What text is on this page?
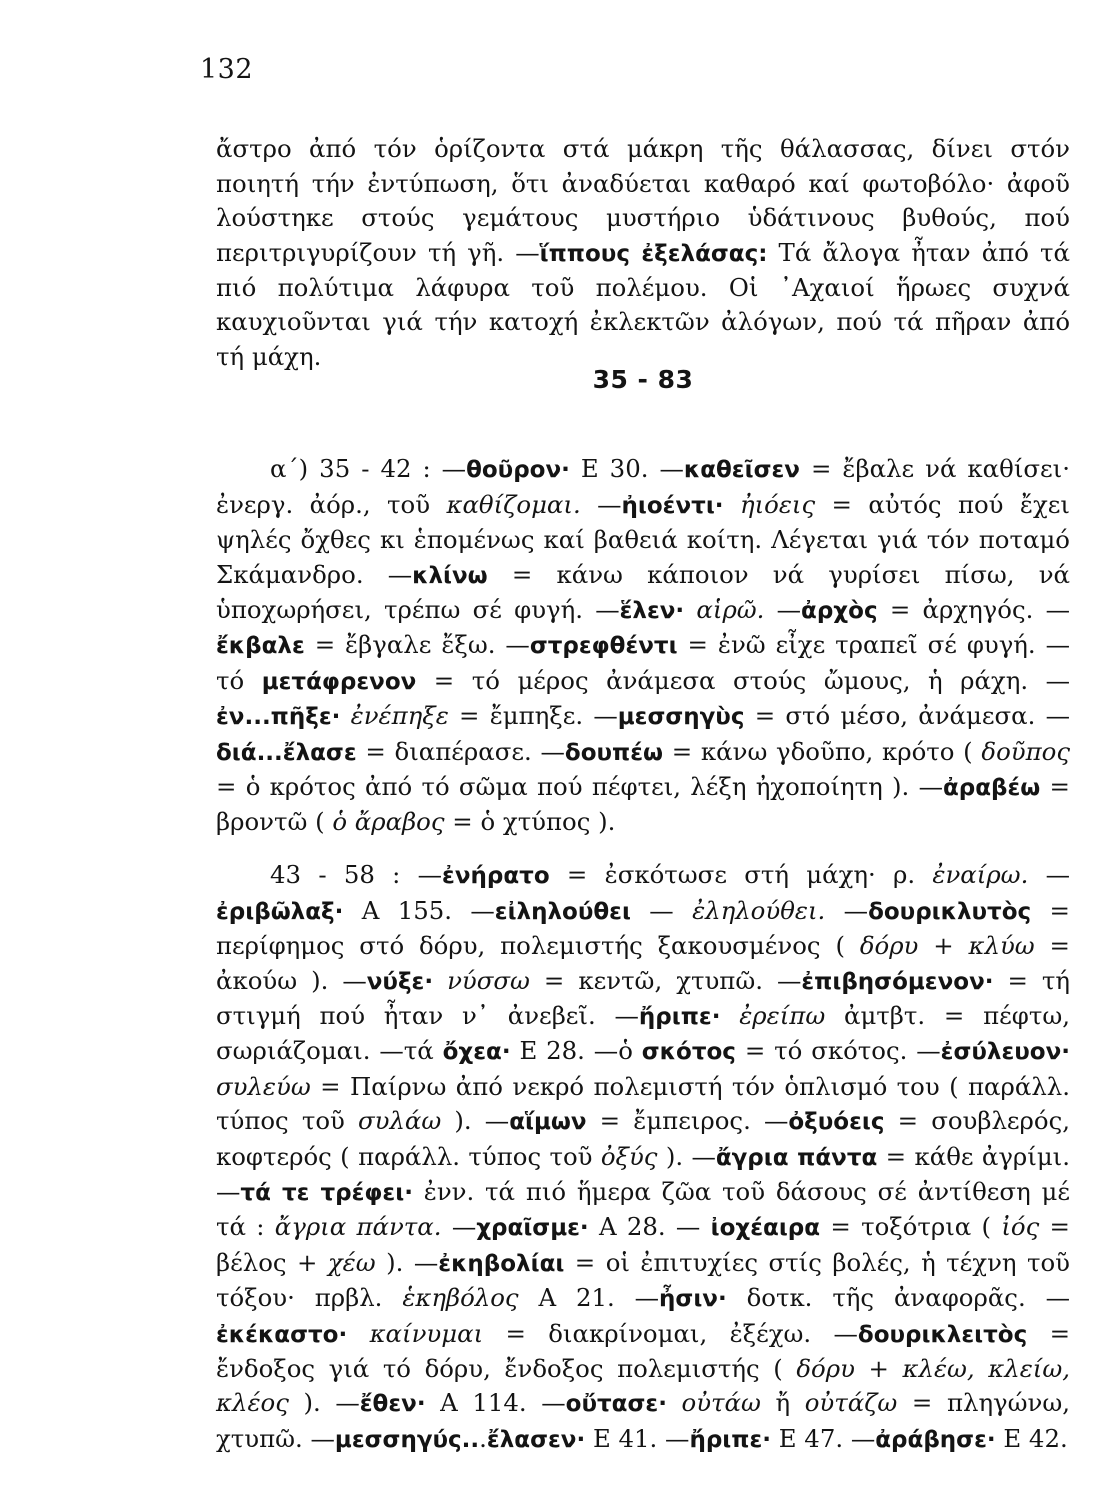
132

ἄστρο ἀπό τόν ὁρίζοντα στά μάκρη τῆς θάλασσας, δίνει στόν ποιητή τήν ἐντύπωση, ὅτι ἀναδύεται καθαρό καί φωτοβόλο· ἀφοῦ λούστηκε στούς γεμάτους μυστήριο ὑδάτινους βυθούς, πού περιτριγυρίζουν τή γῆ. —ἵππους ἐξελάσας: Τά ἄλογα ἦταν ἀπό τά πιό πολύτιμα λάφυρα τοῦ πολέμου. Οἱ ᾿Αχαιοί ἥρωες συχνά καυχιοῦνται γιά τήν κατοχή ἐκλεκτῶν ἀλόγων, πού τά πῆραν ἀπό τή μάχη.

35 - 83

α΄) 35 - 42 : —θοῦρον· Ε 30. —καθεῖσεν = ἔβαλε νά καθίσει· ἐνεργ. ἀόρ., τοῦ καθίζομαι. —ἠιοέντι· ἠιόεις = αὐτός πού ἔχει ψηλές ὄχθες κι ἑπομένως καί βαθειά κοίτη. Λέγεται γιά τόν ποταμό Σκάμανδρο. —κλίνω = κάνω κάποιον νά γυρίσει πίσω, νά ὑποχωρήσει, τρέπω σέ φυγή. —ἕλεν· αἱρῶ. —ἀρχὸς = ἀρχηγός. —ἔκβαλε = ἔβγαλε ἔξω. —στρεφθέντι = ἐνῶ εἶχε τραπεῖ σέ φυγή. —τό μετάφρενον = τό μέρος ἀνάμεσα στούς ὤμους, ἡ ράχη. —ἐν...πῆξε· ἐνέπηξε = ἔμπηξε. —μεσσηγὺς = στό μέσο, ἀνάμεσα. —διά...ἔλασε = διαπέρασε. —δουπέω = κάνω γδοῦπο, κρότο ( δοῦπος = ὁ κρότος ἀπό τό σῶμα πού πέφτει, λέξη ἠχοποίητη ). —ἀραβέω = βροντῶ ( ὁ ἄραβος = ὁ χτύπος ).

43 - 58 : —ἐνήρατο = ἐσκότωσε στή μάχη· ρ. ἐναίρω. —ἐριβῶλαξ· Α 155. —εἰληλούθει — ἐληλούθει. —δουρικλυτὸς = περίφημος στό δόρυ, πολεμιστής ξακουσμένος ( δόρυ + κλύω = ἀκούω ). —νύξε· νύσσω = κεντῶ, χτυπῶ. —ἐπιβησόμενον· = τή στιγμή πού ἦταν ν᾽ ἀνεβεῖ. —ἤριπε· ἐρείπω ἀμτβτ. = πέφτω, σωριάζομαι. —τά ὄχεα· Ε 28. —ὁ σκότος = τό σκότος. —ἐσύλευον· συλεύω = Παίρνω ἀπό νεκρό πολεμιστή τόν ὁπλισμό του ( παράλλ. τύπος τοῦ συλάω ). —αἵμων = ἔμπειρος. —ὀξυόεις = σουβλερός, κοφτερός ( παράλλ. τύπος τοῦ ὀξύς ). —ἄγρια πάντα = κάθε ἀγρίμι. —τά τε τρέφει· ἐνν. τά πιό ἥμερα ζῶα τοῦ δάσους σέ ἀντίθεση μέ τά : ἄγρια πάντα. —χραῖσμε· Α 28. — ἰοχέαιρα = τοξότρια ( ἰός = βέλος + χέω ). —ἐκηβολίαι = οἱ ἐπιτυχίες στίς βολές, ἡ τέχνη τοῦ τόξου· πρβλ. ἑκηβόλος Α 21. —ἦσιν· δοτκ. τῆς ἀναφορᾶς. —ἐκέκαστο· καίνυμαι = διακρίνομαι, ἐξέχω. —δουρικλειτὸς = ἔνδοξος γιά τό δόρυ, ἔνδοξος πολεμιστής ( δόρυ + κλέω, κλείω, κλέος ). —ἔθεν· Α 114. —οὔτασε· οὐτάω ἤ οὐτάζω = πληγώνω, χτυπῶ. —μεσσηγύς...ἔλασεν· Ε 41. —ἤριπε· Ε 47. —ἀράβησε· Ε 42.
